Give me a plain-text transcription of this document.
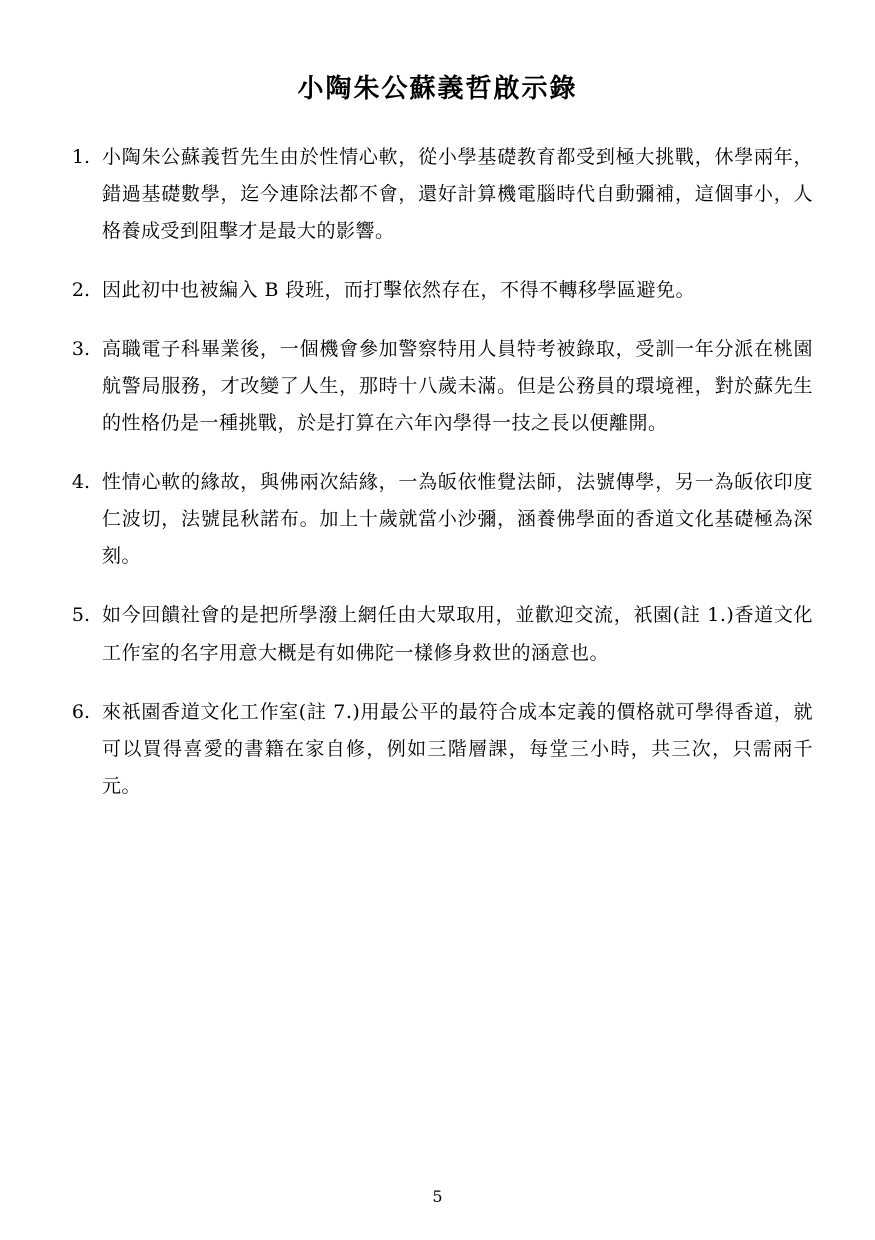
小陶朱公蘇義哲啟示錄
1. 小陶朱公蘇義哲先生由於性情心軟，從小學基礎教育都受到極大挑戰，休學兩年，錯過基礎數學，迄今連除法都不會，還好計算機電腦時代自動彌補，這個事小，人格養成受到阻擊才是最大的影響。
2. 因此初中也被編入 B 段班，而打擊依然存在，不得不轉移學區避免。
3. 高職電子科畢業後，一個機會參加警察特用人員特考被錄取，受訓一年分派在桃園航警局服務，才改變了人生，那時十八歲未滿。但是公務員的環境裡，對於蘇先生的性格仍是一種挑戰，於是打算在六年內學得一技之長以便離開。
4. 性情心軟的緣故，與佛兩次結緣，一為皈依惟覺法師，法號傳學，另一為皈依印度仁波切，法號昆秋諾布。加上十歲就當小沙彌，涵養佛學面的香道文化基礎極為深刻。
5. 如今回饋社會的是把所學潑上網任由大眾取用，並歡迎交流，祇園(註 1.)香道文化工作室的名字用意大概是有如佛陀一樣修身救世的涵意也。
6. 來祇園香道文化工作室(註 7.)用最公平的最符合成本定義的價格就可學得香道，就可以買得喜愛的書籍在家自修，例如三階層課，每堂三小時，共三次，只需兩千元。
5
